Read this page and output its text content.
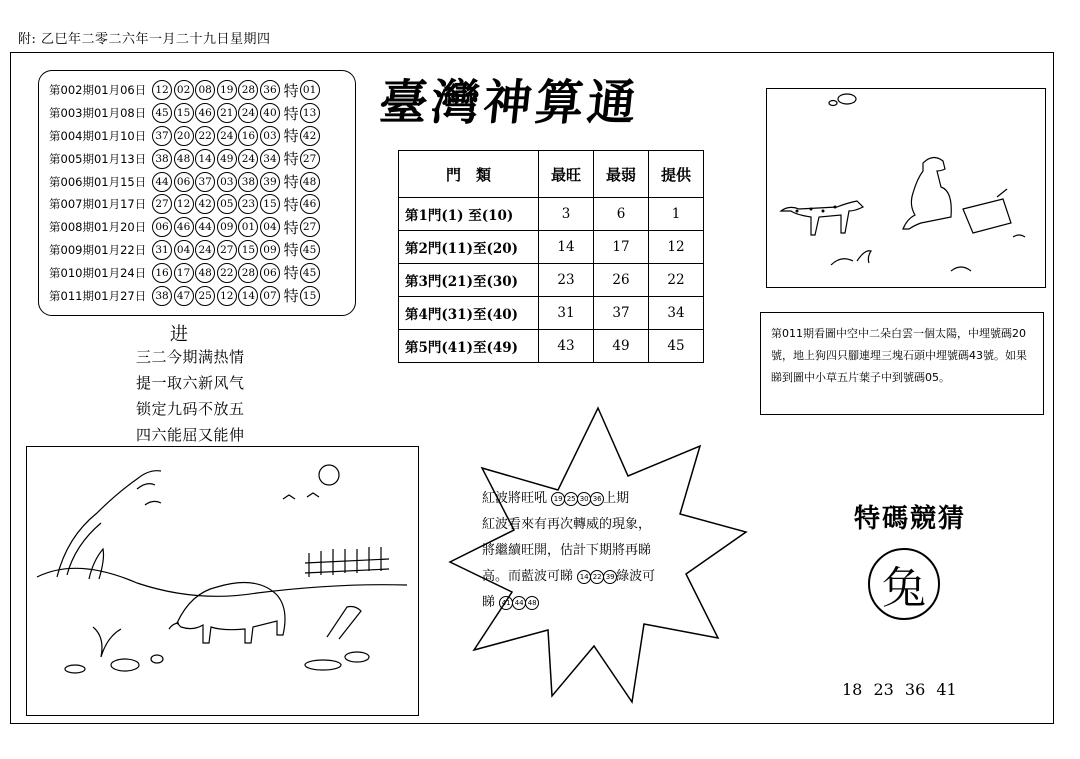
附: 乙巳年二零二六年一月二十九日星期四
第002期01月06日 12 02 08 19 28 36 特 01
第003期01月08日 45 15 46 21 24 40 特 13
第004期01月10日 37 20 22 24 16 03 特 42
第005期01月13日 38 48 14 49 24 34 特 27
第006期01月15日 44 06 37 03 38 39 特 48
第007期01月17日 27 12 42 05 23 15 特 46
第008期01月20日 06 46 44 09 01 04 特 27
第009期01月22日 31 04 24 27 15 09 特 45
第010期01月24日 16 17 48 22 28 06 特 45
第011期01月27日 38 47 25 12 14 07 特 15
进
三二今期满热情
提一取六新风气
锁定九码不放五
四六能屈又能伸
臺灣神算通
門　類	最旺	最弱	提供
第1門(1) 至(10)	3	6	1
第2門(11)至(20)	14	17	12
第3門(21)至(30)	23	26	22
第4門(31)至(40)	31	37	34
第5門(41)至(49)	43	49	45
第011期看圖中空中二朵白雲一個太陽，中埋號碼20號，地上狗四只腳連埋三塊石頭中埋號碼43號。如果睇到圖中小草五片葉子中到號碼05。
紅波將旺吼 19 25 30 36 上期
紅波看來有再次轉威的現象，
將繼續旺開，估計下期將再睇
高。而藍波可睇 14 22 39 綠波可
睇 41 44 48
特碼競猜
兔
18 23 36 41
